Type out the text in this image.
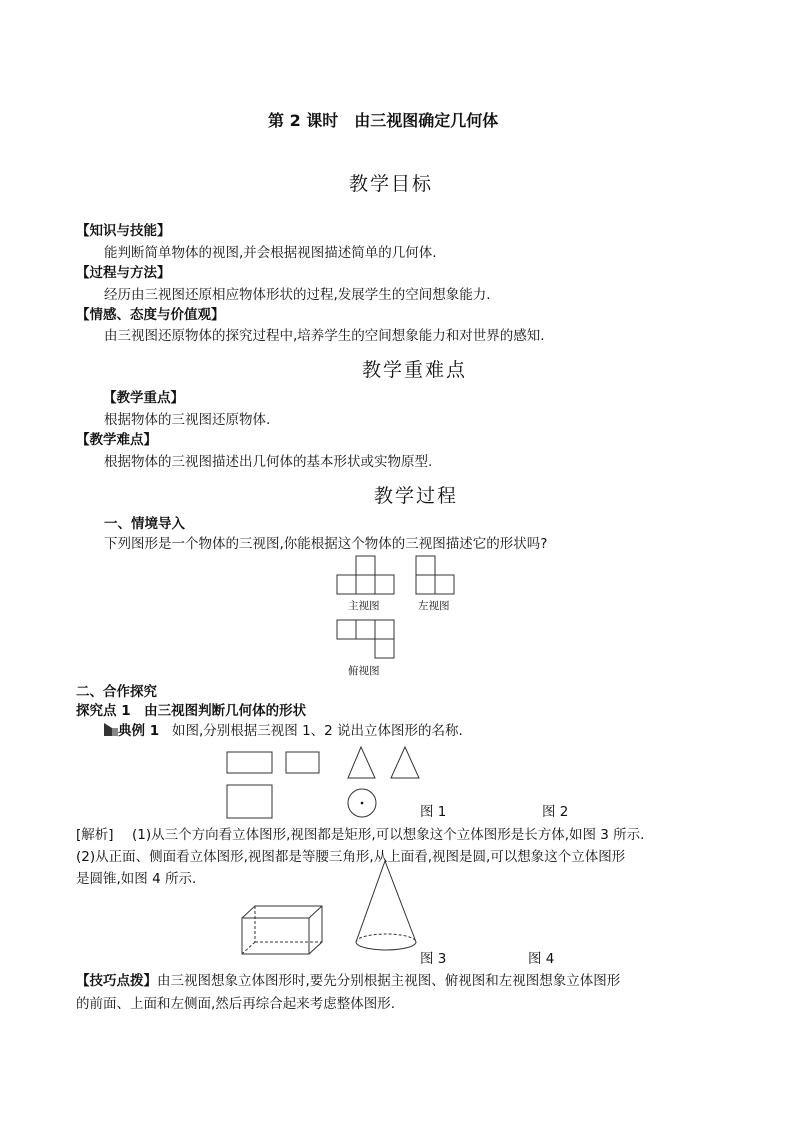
第 2 课时　由三视图确定几何体
教学目标
【知识与技能】
能判断简单物体的视图,并会根据视图描述简单的几何体.
【过程与方法】
经历由三视图还原相应物体形状的过程,发展学生的空间想象能力.
【情感、态度与价值观】
由三视图还原物体的探究过程中,培养学生的空间想象能力和对世界的感知.
教学重难点
【教学重点】
根据物体的三视图还原物体.
【教学难点】
根据物体的三视图描述出几何体的基本形状或实物原型.
教学过程
一、情境导入
下列图形是一个物体的三视图,你能根据这个物体的三视图描述它的形状吗?
主视图	左视图
俯视图
二、合作探究
探究点 1　由三视图判断几何体的形状
典例 1 如图,分别根据三视图 1、2 说出立体图形的名称.
图 1	图 2
[解析] (1)从三个方向看立体图形,视图都是矩形,可以想象这个立体图形是长方体,如图 3 所示.
(2)从正面、侧面看立体图形,视图都是等腰三角形,从上面看,视图是圆,可以想象这个立体图形
是圆锥,如图 4 所示.
图 3	图 4
【技巧点拨】由三视图想象立体图形时,要先分别根据主视图、俯视图和左视图想象立体图形
的前面、上面和左侧面,然后再综合起来考虑整体图形.
